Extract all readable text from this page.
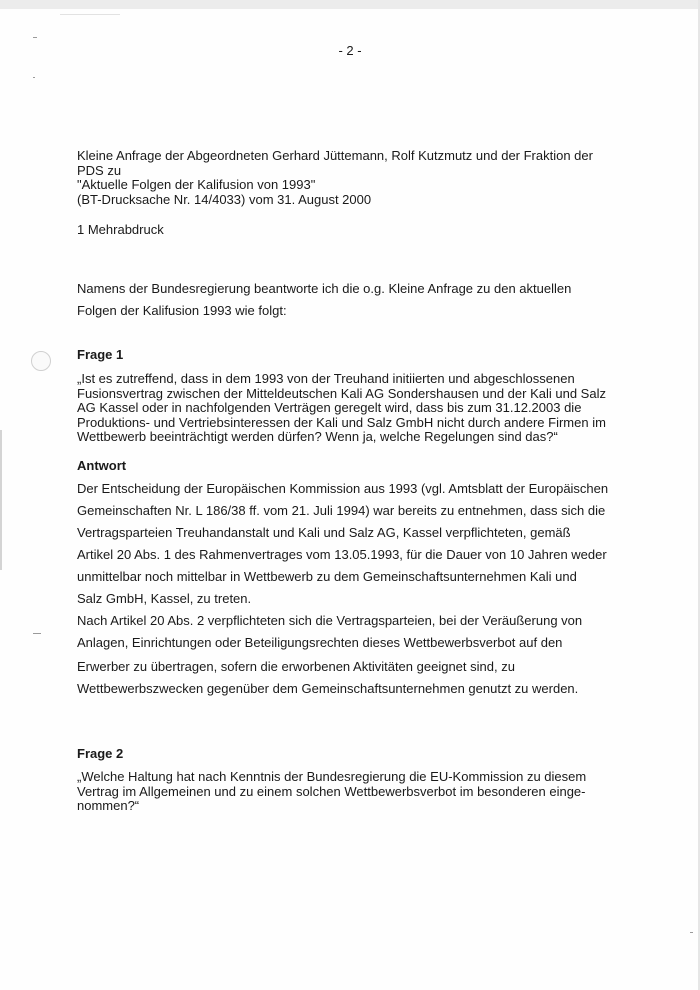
- 2 -
Kleine Anfrage der Abgeordneten Gerhard Jüttemann, Rolf Kutzmutz und der Fraktion der
PDS zu
"Aktuelle Folgen der Kalifusion von 1993"
(BT-Drucksache Nr. 14/4033) vom 31. August 2000
1 Mehrabdruck
Namens der Bundesregierung beantworte ich die o.g. Kleine Anfrage zu den aktuellen
Folgen der Kalifusion 1993 wie folgt:
Frage 1
„Ist es zutreffend, dass in dem 1993 von der Treuhand initiierten und abgeschlossenen
Fusionsvertrag zwischen der Mitteldeutschen Kali AG Sondershausen und der Kali und Salz
AG Kassel oder in nachfolgenden Verträgen geregelt wird, dass bis zum 31.12.2003 die
Produktions- und Vertriebsinteressen der Kali und Salz GmbH nicht durch andere Firmen im
Wettbewerb beeinträchtigt werden dürfen? Wenn ja, welche Regelungen sind das?“
Antwort
Der Entscheidung der Europäischen Kommission aus 1993 (vgl. Amtsblatt der Europäischen
Gemeinschaften Nr. L 186/38 ff. vom 21. Juli 1994) war bereits zu entnehmen, dass sich die
Vertragsparteien Treuhandanstalt und Kali und Salz AG, Kassel verpflichteten, gemäß
Artikel 20 Abs. 1 des Rahmenvertrages vom 13.05.1993, für die Dauer von 10 Jahren weder
unmittelbar noch mittelbar in Wettbewerb zu dem Gemeinschaftsunternehmen Kali und
Salz GmbH, Kassel, zu treten.
Nach Artikel 20 Abs. 2 verpflichteten sich die Vertragsparteien, bei der Veräußerung von
Anlagen, Einrichtungen oder Beteiligungsrechten dieses Wettbewerbsverbot auf den
Erwerber zu übertragen, sofern die erworbenen Aktivitäten geeignet sind, zu
Wettbewerbszwecken gegenüber dem Gemeinschaftsunternehmen genutzt zu werden.
Frage 2
„Welche Haltung hat nach Kenntnis der Bundesregierung die EU-Kommission zu diesem
Vertrag im Allgemeinen und zu einem solchen Wettbewerbsverbot im besonderen einge-
nommen?“
